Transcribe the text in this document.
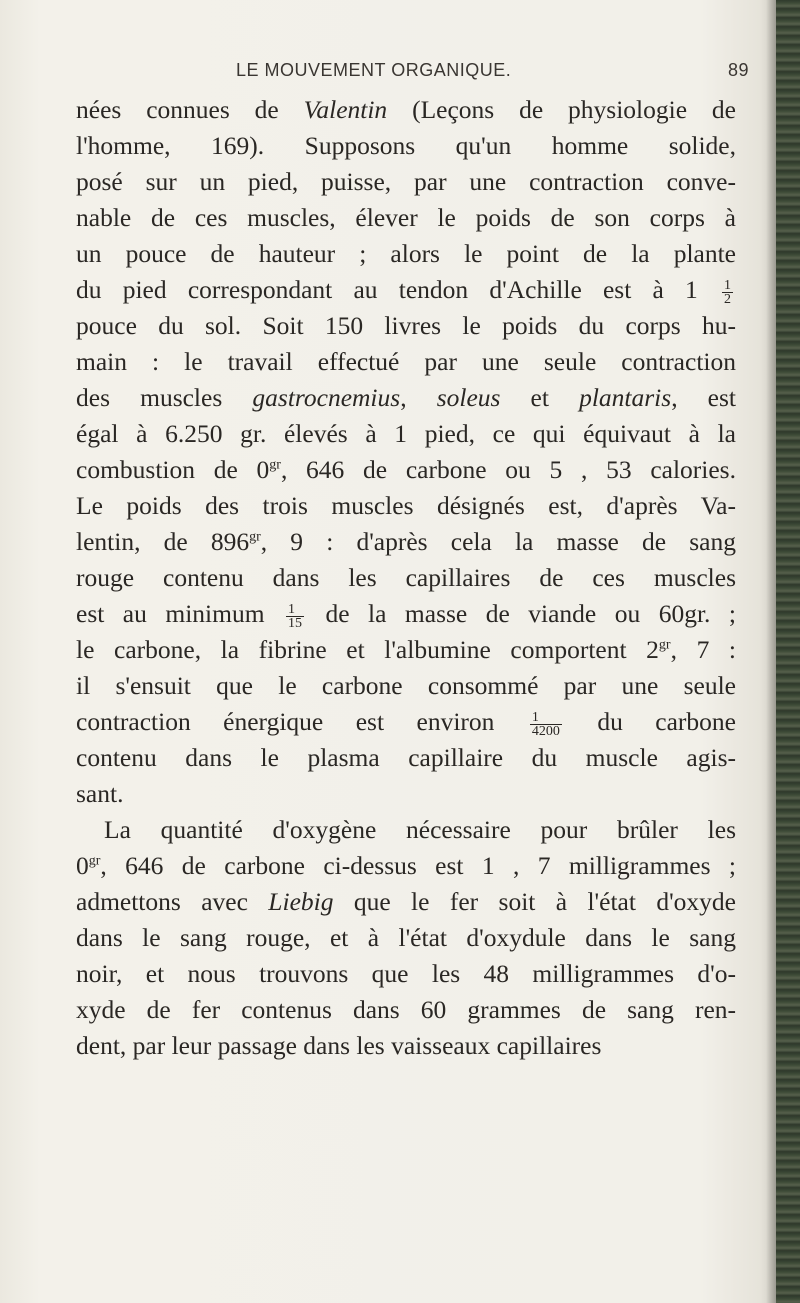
LE MOUVEMENT ORGANIQUE.	89
nées connues de Valentin (Leçons de physiologie de
l'homme, 169). Supposons qu'un homme solide,
posé sur un pied, puisse, par une contraction conve-
nable de ces muscles, élever le poids de son corps à
un pouce de hauteur ; alors le point de la plante
du pied correspondant au tendon d'Achille est à $1 \frac{1}{2}$
pouce du sol. Soit 150 livres le poids du corps hu-
main : le travail effectué par une seule contraction
des muscles gastrocnemius, soleus et plantaris, est
égal à 6.250 gr. élevés à 1 pied, ce qui équivaut à la
combustion de $0^{gr}$, 646 de carbone ou 5 , 53 calories.
Le poids des trois muscles désignés est, d'après Va-
lentin, de $896^{gr}$, 9 : d'après cela la masse de sang
rouge contenu dans les capillaires de ces muscles
est au minimum $\frac{1}{15}$ de la masse de viande ou 60gr. ;
le carbone, la fibrine et l'albumine comportent $2^{gr}$, 7 :
il s'ensuit que le carbone consommé par une seule
contraction énergique est environ	$\frac{1}{4200}$ du carbone
contenu dans le plasma capillaire du muscle agis-
sant.
La quantité d'oxygène nécessaire pour brûler les
$0^{gr}$, 646 de carbone ci-dessus est 1 , 7 milligrammes ;
admettons avec Liebig que le fer soit à l'état d'oxyde
dans le sang rouge, et à l'état d'oxydule dans le sang
noir, et nous trouvons que les 48 milligrammes d'o-
xyde de fer contenus dans 60 grammes de sang ren-
dent, par leur passage dans les vaisseaux capillaires
